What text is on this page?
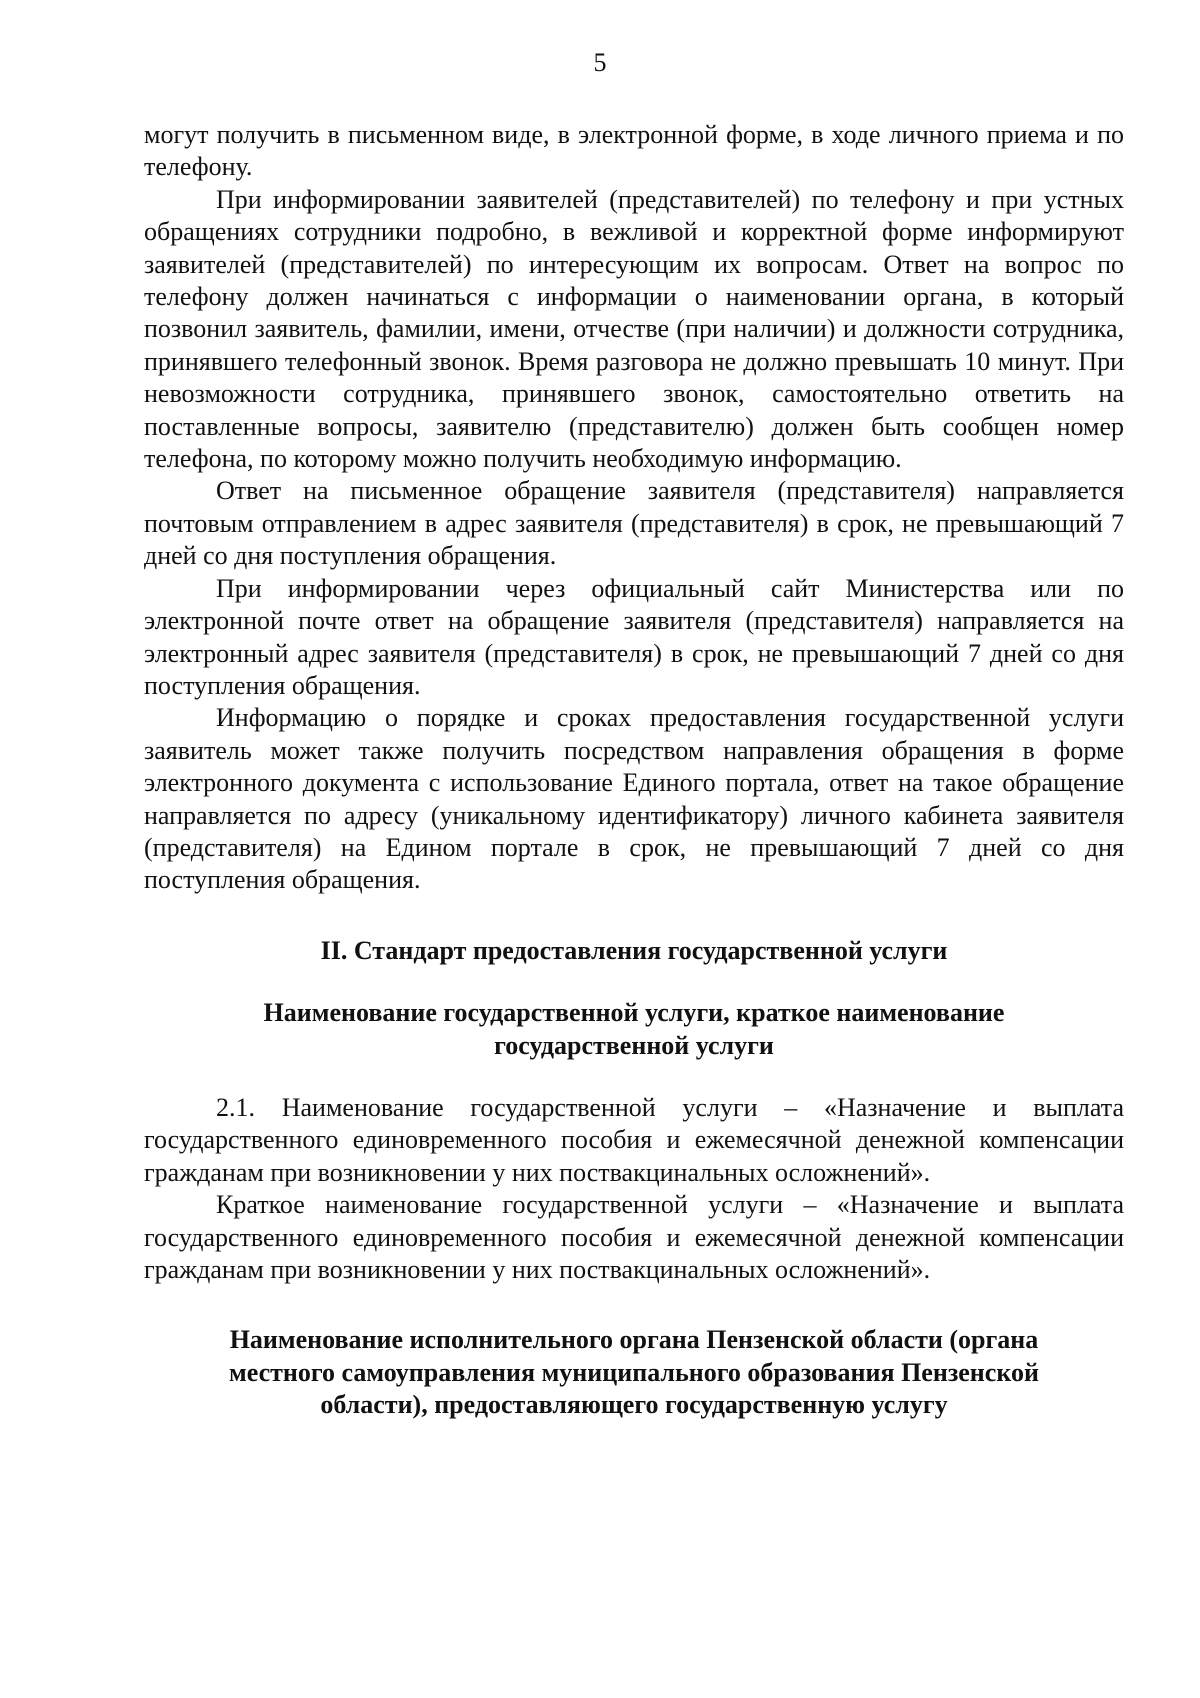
5

могут получить в письменном виде, в электронной форме, в ходе личного приема и по телефону.

При информировании заявителей (представителей) по телефону и при устных обращениях сотрудники подробно, в вежливой и корректной форме информируют заявителей (представителей) по интересующим их вопросам. Ответ на вопрос по телефону должен начинаться с информации о наименовании органа, в который позвонил заявитель, фамилии, имени, отчестве (при наличии) и должности сотрудника, принявшего телефонный звонок. Время разговора не должно превышать 10 минут. При невозможности сотрудника, принявшего звонок, самостоятельно ответить на поставленные вопросы, заявителю (представителю) должен быть сообщен номер телефона, по которому можно получить необходимую информацию.

Ответ на письменное обращение заявителя (представителя) направляется почтовым отправлением в адрес заявителя (представителя) в срок, не превышающий 7 дней со дня поступления обращения.

При информировании через официальный сайт Министерства или по электронной почте ответ на обращение заявителя (представителя) направляется на электронный адрес заявителя (представителя) в срок, не превышающий 7 дней со дня поступления обращения.

Информацию о порядке и сроках предоставления государственной услуги заявитель может также получить посредством направления обращения в форме электронного документа с использование Единого портала, ответ на такое обращение направляется по адресу (уникальному идентификатору) личного кабинета заявителя (представителя) на Едином портале в срок, не превышающий 7 дней со дня поступления обращения.

II. Стандарт предоставления государственной услуги
Наименование государственной услуги, краткое наименование государственной услуги

2.1. Наименование государственной услуги – «Назначение и выплата государственного единовременного пособия и ежемесячной денежной компенсации гражданам при возникновении у них поствакцинальных осложнений».

Краткое наименование государственной услуги – «Назначение и выплата государственного единовременного пособия и ежемесячной денежной компенсации гражданам при возникновении у них поствакцинальных осложнений».

Наименование исполнительного органа Пензенской области (органа местного самоуправления муниципального образования Пензенской области), предоставляющего государственную услугу
